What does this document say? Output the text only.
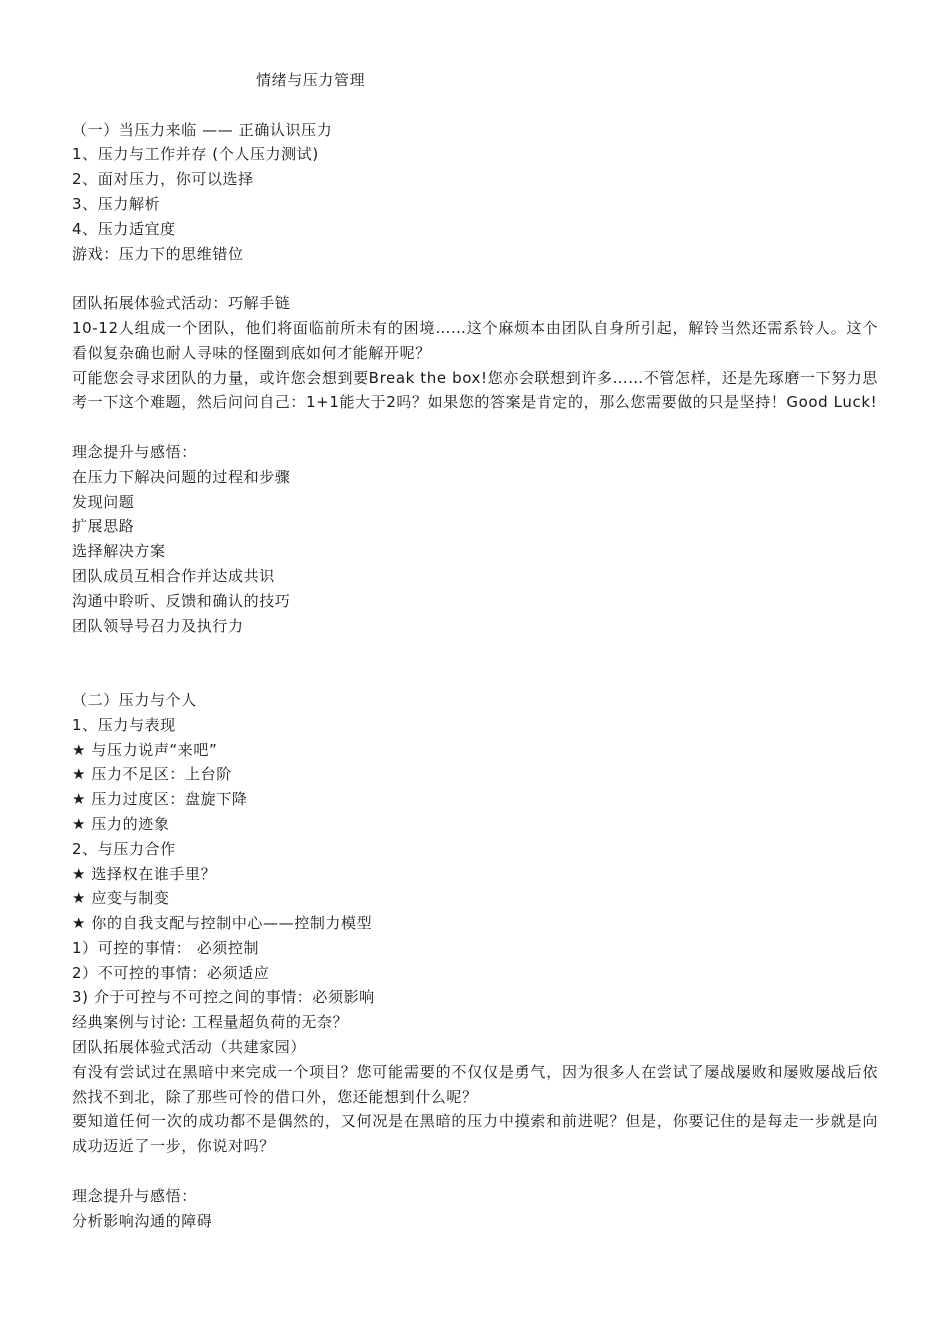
情绪与压力管理

（一）当压力来临 —— 正确认识压力
1、压力与工作并存 (个人压力测试)
2、面对压力，你可以选择
3、压力解析
4、压力适宜度
游戏：压力下的思维错位
团队拓展体验式活动：巧解手链

10-12人组成一个团队，他们将面临前所未有的困境……这个麻烦本由团队自身所引起，解铃当然还需系铃人。这个看似复杂确也耐人寻味的怪圈到底如何才能解开呢？

可能您会寻求团队的力量，或许您会想到要Break the box!您亦会联想到许多……不管怎样，还是先琢磨一下努力思考一下这个难题，然后问问自己：1+1能大于2吗？如果您的答案是肯定的，那么您需要做的只是坚持！Good Luck!

理念提升与感悟：
在压力下解决问题的过程和步骤
发现问题
扩展思路
选择解决方案
团队成员互相合作并达成共识
沟通中聆听、反馈和确认的技巧
团队领导号召力及执行力
（二）压力与个人
1、压力与表现
★ 与压力说声“来吧”
★ 压力不足区：上台阶
★ 压力过度区：盘旋下降
★ 压力的迹象
2、与压力合作
★ 选择权在谁手里？
★ 应变与制变
★ 你的自我支配与控制中心——控制力模型
1）可控的事情： 必须控制
2）不可控的事情：必须适应
3) 介于可控与不可控之间的事情：必须影响
经典案例与讨论: 工程量超负荷的无奈？
团队拓展体验式活动（共建家园）

有没有尝试过在黑暗中来完成一个项目？您可能需要的不仅仅是勇气，因为很多人在尝试了屡战屡败和屡败屡战后依然找不到北，除了那些可怜的借口外，您还能想到什么呢？

要知道任何一次的成功都不是偶然的，又何况是在黑暗的压力中摸索和前进呢？但是，你要记住的是每走一步就是向成功迈近了一步，你说对吗？

理念提升与感悟：
分析影响沟通的障碍
